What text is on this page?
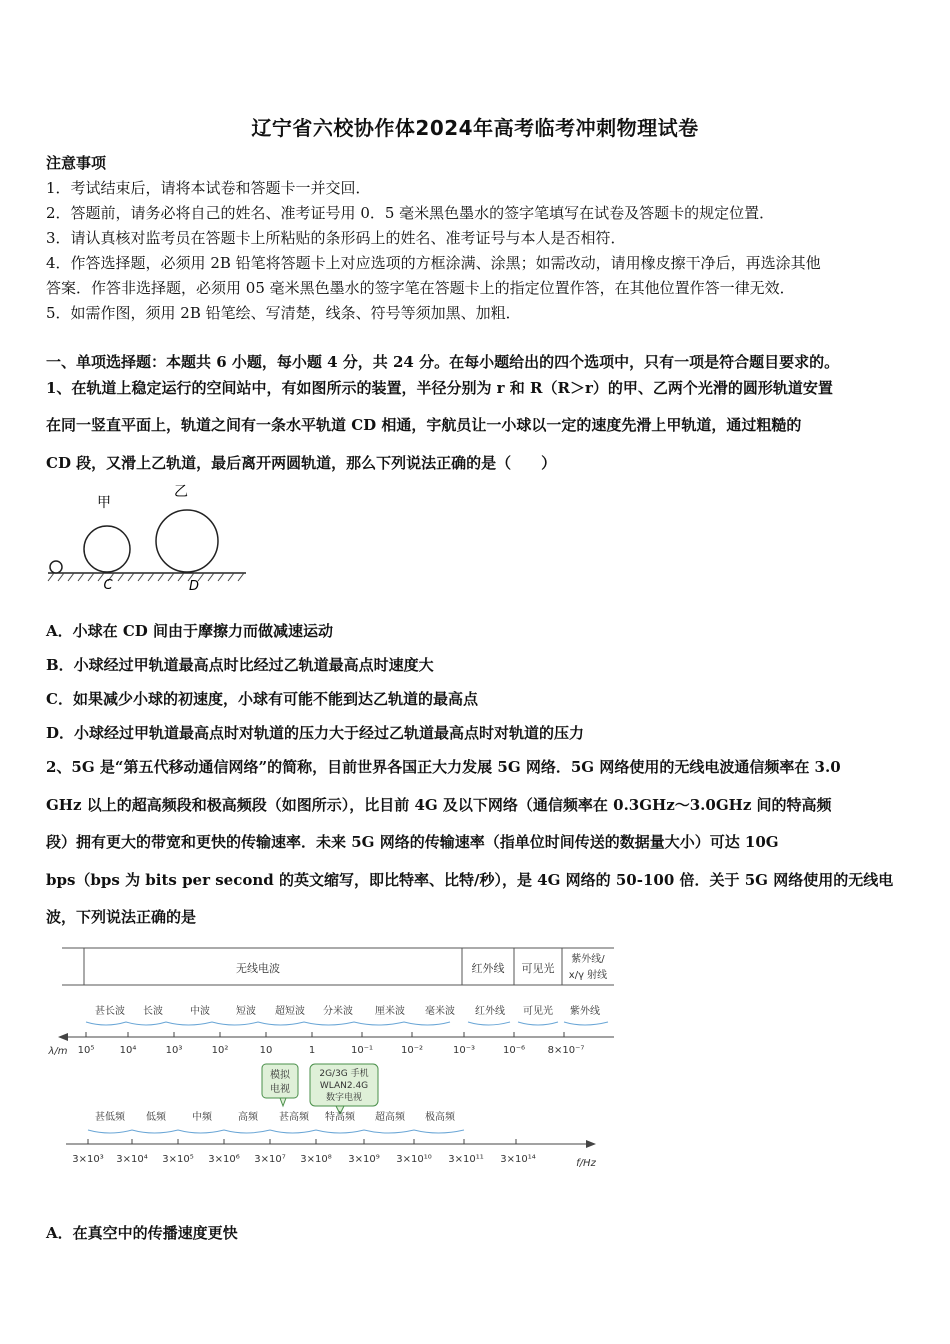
辽宁省六校协作体2024年高考临考冲刺物理试卷
注意事项
1．考试结束后，请将本试卷和答题卡一并交回．
2．答题前，请务必将自己的姓名、准考证号用 0．5 毫米黑色墨水的签字笔填写在试卷及答题卡的规定位置．
3．请认真核对监考员在答题卡上所粘贴的条形码上的姓名、准考证号与本人是否相符．
4．作答选择题，必须用 2B 铅笔将答题卡上对应选项的方框涂满、涂黑；如需改动，请用橡皮擦干净后，再选涂其他
答案．作答非选择题，必须用 05 毫米黑色墨水的签字笔在答题卡上的指定位置作答，在其他位置作答一律无效．
5．如需作图，须用 2B 铅笔绘、写清楚，线条、符号等须加黑、加粗．
一、单项选择题：本题共 6 小题，每小题 4 分，共 24 分。在每小题给出的四个选项中，只有一项是符合题目要求的。
1、在轨道上稳定运行的空间站中，有如图所示的装置，半径分别为 r 和 R（R＞r）的甲、乙两个光滑的圆形轨道安置
在同一竖直平面上，轨道之间有一条水平轨道 CD 相通，宇航员让一小球以一定的速度先滑上甲轨道，通过粗糙的
CD 段，又滑上乙轨道，最后离开两圆轨道，那么下列说法正确的是（　　）
甲
乙
C	D
A．小球在 CD 间由于摩擦力而做减速运动
B．小球经过甲轨道最高点时比经过乙轨道最高点时速度大
C．如果减少小球的初速度，小球有可能不能到达乙轨道的最高点
D．小球经过甲轨道最高点时对轨道的压力大于经过乙轨道最高点时对轨道的压力
2、5G 是“第五代移动通信网络”的简称，目前世界各国正大力发展 5G 网络．5G 网络使用的无线电波通信频率在 3.0
GHz 以上的超高频段和极高频段（如图所示），比目前 4G 及以下网络（通信频率在 0.3GHz～3.0GHz 间的特高频
段）拥有更大的带宽和更快的传输速率．未来 5G 网络的传输速率（指单位时间传送的数据量大小）可达 10G
bps（bps 为 bits per second 的英文缩写，即比特率、比特/秒），是 4G 网络的 50-100 倍．关于 5G 网络使用的无线电
波，下列说法正确的是
无线电波	红外线 可见光
紫外线/
x/γ 射线
甚长波 长波	中波	短波 超短波 分米波 厘米波 毫米波 红外线 可见光 紫外线
λ/m 10⁵	10⁴	10³	10²	10	1	10⁻¹	10⁻²	10⁻³	10⁻⁶ 8×10⁻⁷
模拟
电视
2G/3G 手机
WLAN2.4G
数字电视
甚低频 低频	中频	高频 甚高频 特高频 超高频 极高频
3×10³ 3×10⁴ 3×10⁵ 3×10⁶ 3×10⁷ 3×10⁸ 3×10⁹ 3×10¹⁰ 3×10¹¹ 3×10¹⁴	f/Hz
A．在真空中的传播速度更快
